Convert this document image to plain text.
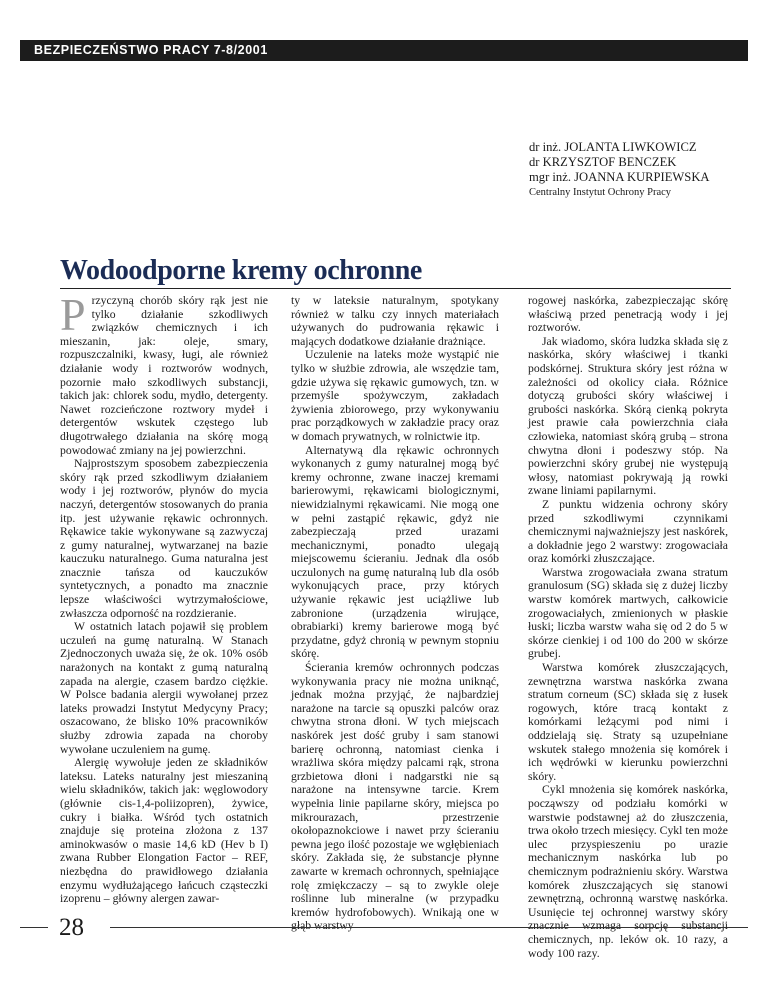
BEZPIECZEŃSTWO PRACY 7-8/2001
dr inż. JOLANTA LIWKOWICZ
dr KRZYSZTOF BENCZEK
mgr inż. JOANNA KURPIEWSKA
Centralny Instytut Ochrony Pracy
Wodoodporne kremy ochronne

Przyczyną chorób skóry rąk jest nie tylko działanie szkodliwych związków chemicznych i ich mieszanin, jak: oleje, smary, rozpuszczalniki, kwasy, ługi, ale również działanie wody i roztworów wodnych, pozornie mało szkodliwych substancji, takich jak: chlorek sodu, mydło, detergenty. Nawet rozcieńczone roztwory mydeł i detergentów wskutek częstego lub długotrwałego działania na skórę mogą powodować zmiany na jej powierzchni.

Najprostszym sposobem zabezpieczenia skóry rąk przed szkodliwym działaniem wody i jej roztworów, płynów do mycia naczyń, detergentów stosowanych do prania itp. jest używanie rękawic ochronnych. Rękawice takie wykonywane są zazwyczaj z gumy naturalnej, wytwarzanej na bazie kauczuku naturalnego. Guma naturalna jest znacznie tańsza od kauczuków syntetycznych, a ponadto ma znacznie lepsze właściwości wytrzymałościowe, zwłaszcza odporność na rozdzieranie.

W ostatnich latach pojawił się problem uczuleń na gumę naturalną. W Stanach Zjednoczonych uważa się, że ok. 10% osób narażonych na kontakt z gumą naturalną zapada na alergie, czasem bardzo ciężkie. W Polsce badania alergii wywołanej przez lateks prowadzi Instytut Medycyny Pracy; oszacowano, że blisko 10% pracowników służby zdrowia zapada na choroby wywołane uczuleniem na gumę.

Alergię wywołuje jeden ze składników lateksu. Lateks naturalny jest mieszaniną wielu składników, takich jak: węglowodory (głównie cis-1,4-poliizopren), żywice, cukry i białka. Wśród tych ostatnich znajduje się proteina złożona z 137 aminokwasów o masie 14,6 kD (Hev b I) zwana Rubber Elongation Factor – REF, niezbędna do prawidłowego działania enzymu wydłużającego łańcuch cząsteczki izoprenu – główny alergen zawar-

ty w lateksie naturalnym, spotykany również w talku czy innych materiałach używanych do pudrowania rękawic i mających dodatkowe działanie drażniące.

Uczulenie na lateks może wystąpić nie tylko w służbie zdrowia, ale wszędzie tam, gdzie używa się rękawic gumowych, tzn. w przemyśle spożywczym, zakładach żywienia zbiorowego, przy wykonywaniu prac porządkowych w zakładzie pracy oraz w domach prywatnych, w rolnictwie itp.

Alternatywą dla rękawic ochronnych wykonanych z gumy naturalnej mogą być kremy ochronne, zwane inaczej kremami barierowymi, rękawicami biologicznymi, niewidzialnymi rękawicami. Nie mogą one w pełni zastąpić rękawic, gdyż nie zabezpieczają przed urazami mechanicznymi, ponadto ulegają miejscowemu ścieraniu. Jednak dla osób uczulonych na gumę naturalną lub dla osób wykonujących prace, przy których używanie rękawic jest uciążliwe lub zabronione (urządzenia wirujące, obrabiarki) kremy barierowe mogą być przydatne, gdyż chronią w pewnym stopniu skórę.

Ścierania kremów ochronnych podczas wykonywania pracy nie można uniknąć, jednak można przyjąć, że najbardziej narażone na tarcie są opuszki palców oraz chwytna strona dłoni. W tych miejscach naskórek jest dość gruby i sam stanowi barierę ochronną, natomiast cienka i wrażliwa skóra między palcami rąk, strona grzbietowa dłoni i nadgarstki nie są narażone na intensywne tarcie. Krem wypełnia linie papilarne skóry, miejsca po mikrourazach, przestrzenie okołopaznokciowe i nawet przy ścieraniu pewna jego ilość pozostaje we wgłębieniach skóry. Zakłada się, że substancje płynne zawarte w kremach ochronnych, spełniające rolę zmiękczaczy – są to zwykle oleje roślinne lub mineralne (w przypadku kremów hydrofobowych). Wnikają one w głąb warstwy

rogowej naskórka, zabezpieczając skórę właściwą przed penetracją wody i jej roztworów.

Jak wiadomo, skóra ludzka składa się z naskórka, skóry właściwej i tkanki podskórnej. Struktura skóry jest różna w zależności od okolicy ciała. Różnice dotyczą grubości skóry właściwej i grubości naskórka. Skórą cienką pokryta jest prawie cała powierzchnia ciała człowieka, natomiast skórą grubą – strona chwytna dłoni i podeszwy stóp. Na powierzchni skóry grubej nie występują włosy, natomiast pokrywają ją rowki zwane liniami papilarnymi.

Z punktu widzenia ochrony skóry przed szkodliwymi czynnikami chemicznymi najważniejszy jest naskórek, a dokładnie jego 2 warstwy: zrogowaciała oraz komórki złuszczające.

Warstwa zrogowaciała zwana stratum granulosum (SG) składa się z dużej liczby warstw komórek martwych, całkowicie zrogowaciałych, zmienionych w płaskie łuski; liczba warstw waha się od 2 do 5 w skórze cienkiej i od 100 do 200 w skórze grubej.

Warstwa komórek złuszczających, zewnętrzna warstwa naskórka zwana stratum corneum (SC) składa się z łusek rogowych, które tracą kontakt z komórkami leżącymi pod nimi i oddzielają się. Straty są uzupełniane wskutek stałego mnożenia się komórek i ich wędrówki w kierunku powierzchni skóry.

Cykl mnożenia się komórek naskórka, począwszy od podziału komórki w warstwie podstawnej aż do złuszczenia, trwa około trzech miesięcy. Cykl ten może ulec przyspieszeniu po urazie mechanicznym naskórka lub po chemicznym podrażnieniu skóry. Warstwa komórek złuszczających się stanowi zewnętrzną, ochronną warstwę naskórka. Usunięcie tej ochronnej warstwy skóry znacznie wzmaga sorpcję substancji chemicznych, np. leków ok. 10 razy, a wody 100 razy.

28
